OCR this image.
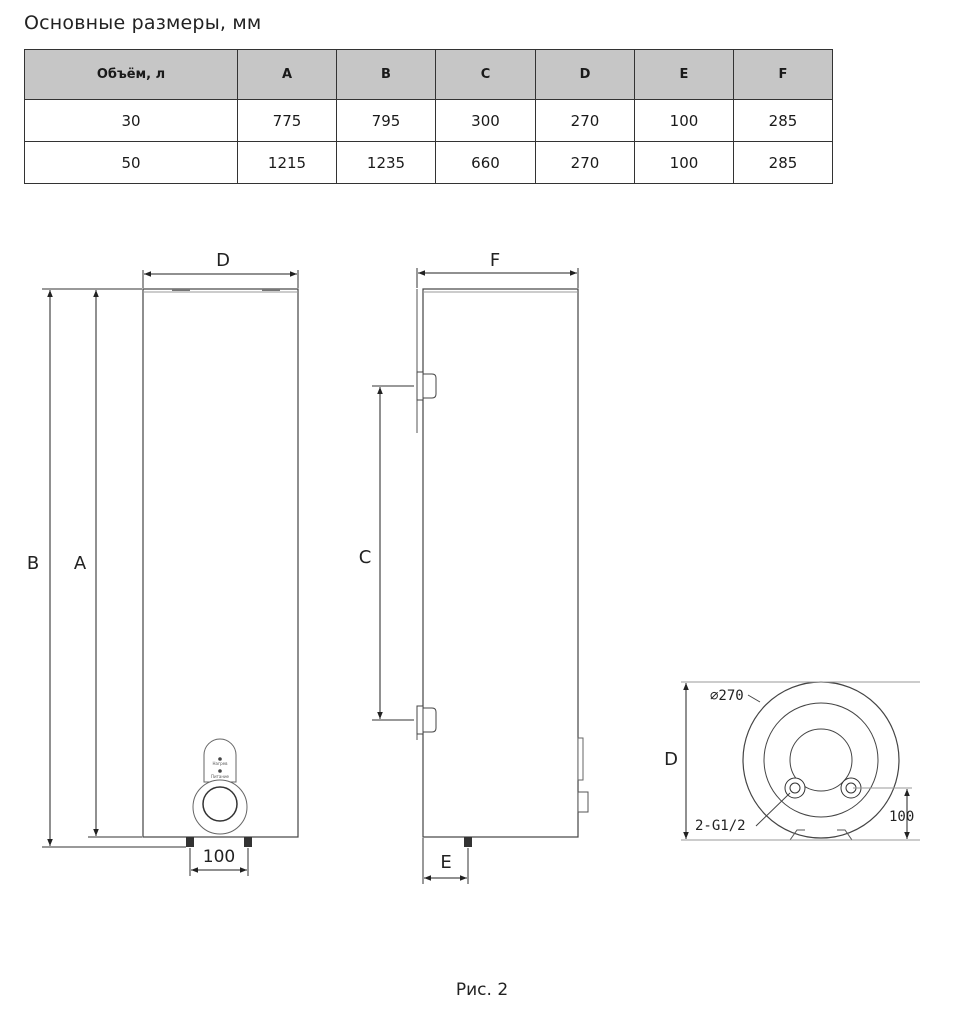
Основные размеры, мм
Объём, л	A	B	C	D	E	F
30	775	795	300	270	100	285
50	1215	1235	660	270	100	285
Нагрев
Питание
D
B A
100
F
C
E
⌀270
D
100
2-G1/2
Рис. 2
